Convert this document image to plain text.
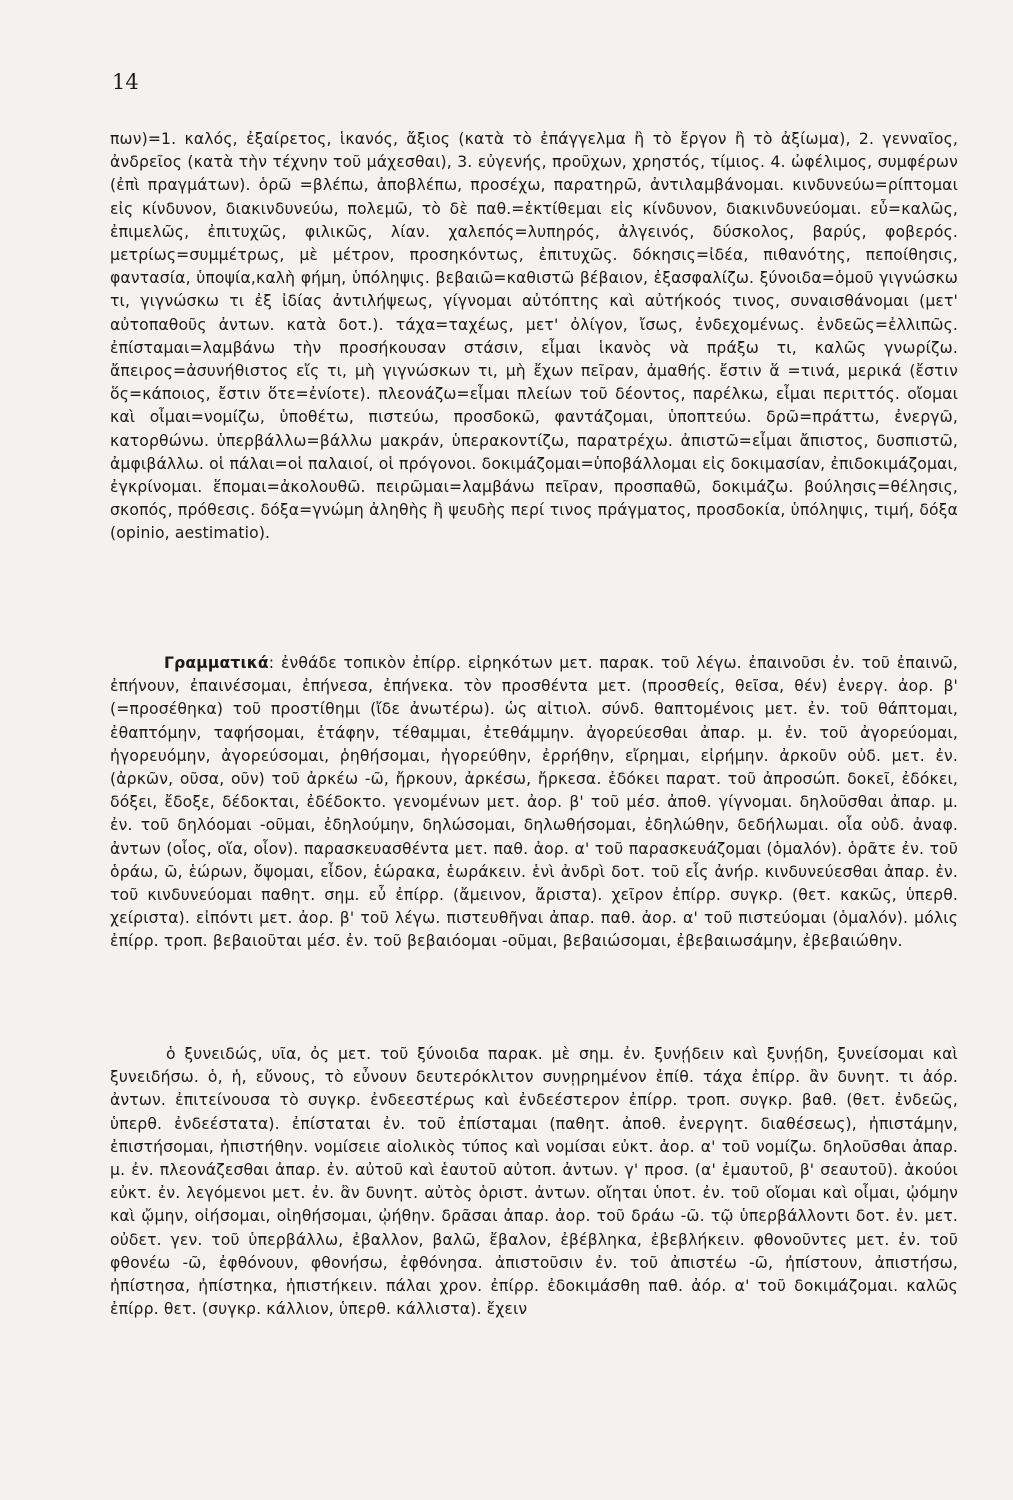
14

πων)=1. καλός, ἐξαίρετος, ἱκανός, ἄξιος (κατὰ τὸ ἐπάγγελμα ἢ τὸ ἔργον ἢ τὸ ἀξίωμα), 2. γενναῖος, ἀνδρεῖος (κατὰ τὴν τέχνην τοῦ μάχεσθαι), 3. εὐγενής, προῦχων, χρηστός, τίμιος. 4. ὠφέλιμος, συμφέρων (ἐπὶ πραγμάτων). ὁρῶ =βλέπω, ἀποβλέπω, προσέχω, παρατηρῶ, ἀντιλαμβάνομαι. κινδυνεύω=ρίπτομαι εἰς κίνδυνον, διακινδυνεύω, πολεμῶ, τὸ δὲ παθ.=ἐκτίθεμαι εἰς κίνδυνον, διακινδυνεύομαι. εὖ=καλῶς, ἐπιμελῶς, ἐπιτυχῶς, φιλικῶς, λίαν. χαλεπός=λυπηρός, ἀλγεινός, δύσκολος, βαρύς, φοβερός. μετρίως=συμμέτρως, μὲ μέτρον, προσηκόντως, ἐπιτυχῶς. δόκησις=ἰδέα, πιθανότης, πεποίθησις, φαντασία, ὑποψία,καλὴ φήμη, ὑπόληψις. βεβαιῶ=καθιστῶ βέβαιον, ἐξασφαλίζω. ξύνοιδα=ὁμοῦ γιγνώσκω τι, γιγνώσκω τι ἐξ ἰδίας ἀντιλήψεως, γίγνομαι αὐτόπτης καὶ αὐτήκοός τινος, συναισθάνομαι (μετ' αὐτοπαθοῦς ἀντων. κατὰ δοτ.). τάχα=ταχέως, μετ' ὀλίγον, ἴσως, ἐνδεχομένως. ἐνδεῶς=ἐλλιπῶς. ἐπίσταμαι=λαμβάνω τὴν προσήκουσαν στάσιν, εἶμαι ἱκανὸς νὰ πράξω τι, καλῶς γνωρίζω. ἄπειρος=ἀσυνήθιστος εἴς τι, μὴ γιγνώσκων τι, μὴ ἔχων πεῖραν, ἀμαθής. ἔστιν ἅ =τινά, μερικά (ἔστιν ὅς=κάποιος, ἔστιν ὅτε=ἐνίοτε). πλεονάζω=εἶμαι πλείων τοῦ δέοντος, παρέλκω, εἶμαι περιττός. οἴομαι καὶ οἶμαι=νομίζω, ὑποθέτω, πιστεύω, προσδοκῶ, φαντάζομαι, ὑποπτεύω. δρῶ=πράττω, ἐνεργῶ, κατορθώνω. ὑπερβάλλω=βάλλω μακράν, ὑπερακοντίζω, παρατρέχω. ἀπιστῶ=εἶμαι ἄπιστος, δυσπιστῶ, ἀμφιβάλλω. οἱ πάλαι=οἱ παλαιοί, οἱ πρόγονοι. δοκιμάζομαι=ὑποβάλλομαι εἰς δοκιμασίαν, ἐπιδοκιμάζομαι, ἐγκρίνομαι. ἕπομαι=ἀκολουθῶ. πειρῶμαι=λαμβάνω πεῖραν, προσπαθῶ, δοκιμάζω. βούλησις=θέλησις, σκοπός, πρόθεσις. δόξα=γνώμη ἀληθὴς ἢ ψευδὴς περί τινος πράγματος, προσδοκία, ὑπόληψις, τιμή, δόξα (opinio, aestimatio).

Γραμματικά: ἐνθάδε τοπικὸν ἐπίρρ. εἰρηκότων μετ. παρακ. τοῦ λέγω. ἐπαινοῦσι ἐν. τοῦ ἐπαινῶ, ἐπήνουν, ἐπαινέσομαι, ἐπήνεσα, ἐπήνεκα. τὸν προσθέντα μετ. (προσθείς, θεῖσα, θέν) ἐνεργ. ἀορ. β' (=προσέθηκα) τοῦ προστίθημι (ἴδε ἀνωτέρω). ὡς αἰτιολ. σύνδ. θαπτομένοις μετ. ἐν. τοῦ θάπτομαι, ἐθαπτόμην, ταφήσομαι, ἐτάφην, τέθαμμαι, ἐτεθάμμην. ἀγορεύεσθαι ἀπαρ. μ. ἐν. τοῦ ἀγορεύομαι, ἠγορευόμην, ἀγορεύσομαι, ῥηθήσομαι, ἠγορεύθην, ἐρρήθην, εἴρημαι, εἰρήμην. ἀρκοῦν οὐδ. μετ. ἐν. (ἀρκῶν, οῦσα, οῦν) τοῦ ἀρκέω -ῶ, ἤρκουν, ἀρκέσω, ἤρκεσα. ἐδόκει παρατ. τοῦ ἀπροσώπ. δοκεῖ, ἐδόκει, δόξει, ἔδοξε, δέδοκται, ἐδέδοκτο. γενομένων μετ. ἀορ. β' τοῦ μέσ. ἀποθ. γίγνομαι. δηλοῦσθαι ἀπαρ. μ. ἐν. τοῦ δηλόομαι -οῦμαι, ἐδηλούμην, δηλώσομαι, δηλωθήσομαι, ἐδηλώθην, δεδήλωμαι. οἷα οὐδ. ἀναφ. ἀντων (οἷος, οἵα, οἷον). παρασκευασθέντα μετ. παθ. ἀορ. α' τοῦ παρασκευάζομαι (ὁμαλόν). ὁρᾶτε ἐν. τοῦ ὁράω, ῶ, ἑώρων, ὄψομαι, εἶδον, ἑώρακα, ἑωράκειν. ἑνὶ ἀνδρὶ δοτ. τοῦ εἷς ἀνήρ. κινδυνεύεσθαι ἀπαρ. ἐν. τοῦ κινδυνεύομαι παθητ. σημ. εὖ ἐπίρρ. (ἄμεινον, ἄριστα). χεῖρον ἐπίρρ. συγκρ. (θετ. κακῶς, ὑπερθ. χείριστα). εἰπόντι μετ. ἀορ. β' τοῦ λέγω. πιστευθῆναι ἀπαρ. παθ. ἀορ. α' τοῦ πιστεύομαι (ὁμαλόν). μόλις ἐπίρρ. τροπ. βεβαιοῦται μέσ. ἐν. τοῦ βεβαιόομαι -οῦμαι, βεβαιώσομαι, ἐβεβαιωσάμην, ἐβεβαιώθην.

ὁ ξυνειδώς, υῖα, ὀς μετ. τοῦ ξύνοιδα παρακ. μὲ σημ. ἐν. ξυνῄδειν καὶ ξυνῄδη, ξυνείσομαι καὶ ξυνειδήσω. ὁ, ἡ, εὔνους, τὸ εὖνουν δευτερόκλιτον συνῃρημένον ἐπίθ. τάχα ἐπίρρ. ἂν δυνητ. τι ἀόρ. ἀντων. ἐπιτείνουσα τὸ συγκρ. ἐνδεεστέρως καὶ ἐνδεέστερον ἐπίρρ. τροπ. συγκρ. βαθ. (θετ. ἐνδεῶς, ὑπερθ. ἐνδεέστατα). ἐπίσταται ἐν. τοῦ ἐπίσταμαι (παθητ. ἀποθ. ἐνεργητ. διαθέσεως), ἠπιστάμην, ἐπιστήσομαι, ἠπιστήθην. νομίσειε αἰολικὸς τύπος καὶ νομίσαι εὐκτ. ἀορ. α' τοῦ νομίζω. δηλοῦσθαι ἀπαρ. μ. ἐν. πλεονάζεσθαι ἀπαρ. ἐν. αὐτοῦ καὶ ἑαυτοῦ αὐτοπ. ἀντων. γ' προσ. (α' ἐμαυτοῦ, β' σεαυτοῦ). ἀκούοι εὐκτ. ἐν. λεγόμενοι μετ. ἐν. ἂν δυνητ. αὐτὸς ὁριστ. ἀντων. οἴηται ὑποτ. ἐν. τοῦ οἴομαι καὶ οἶμαι, ᾠόμην καὶ ᾤμην, οἰήσομαι, οἰηθήσομαι, ᾠήθην. δρᾶσαι ἀπαρ. ἀορ. τοῦ δράω -ῶ. τῷ ὑπερβάλλοντι δοτ. ἐν. μετ. οὐδετ. γεν. τοῦ ὑπερβάλλω, ἐβαλλον, βαλῶ, ἔβαλον, ἐβέβληκα, ἐβεβλήκειν. φθονοῦντες μετ. ἐν. τοῦ φθονέω -ῶ, ἐφθόνουν, φθονήσω, ἐφθόνησα. ἀπιστοῦσιν ἐν. τοῦ ἀπιστέω -ῶ, ἠπίστουν, ἀπιστήσω, ἠπίστησα, ἠπίστηκα, ἠπιστήκειν. πάλαι χρον. ἐπίρρ. ἐδοκιμάσθη παθ. ἀόρ. α' τοῦ δοκιμάζομαι. καλῶς ἐπίρρ. θετ. (συγκρ. κάλλιον, ὑπερθ. κάλλιστα). ἔχειν
